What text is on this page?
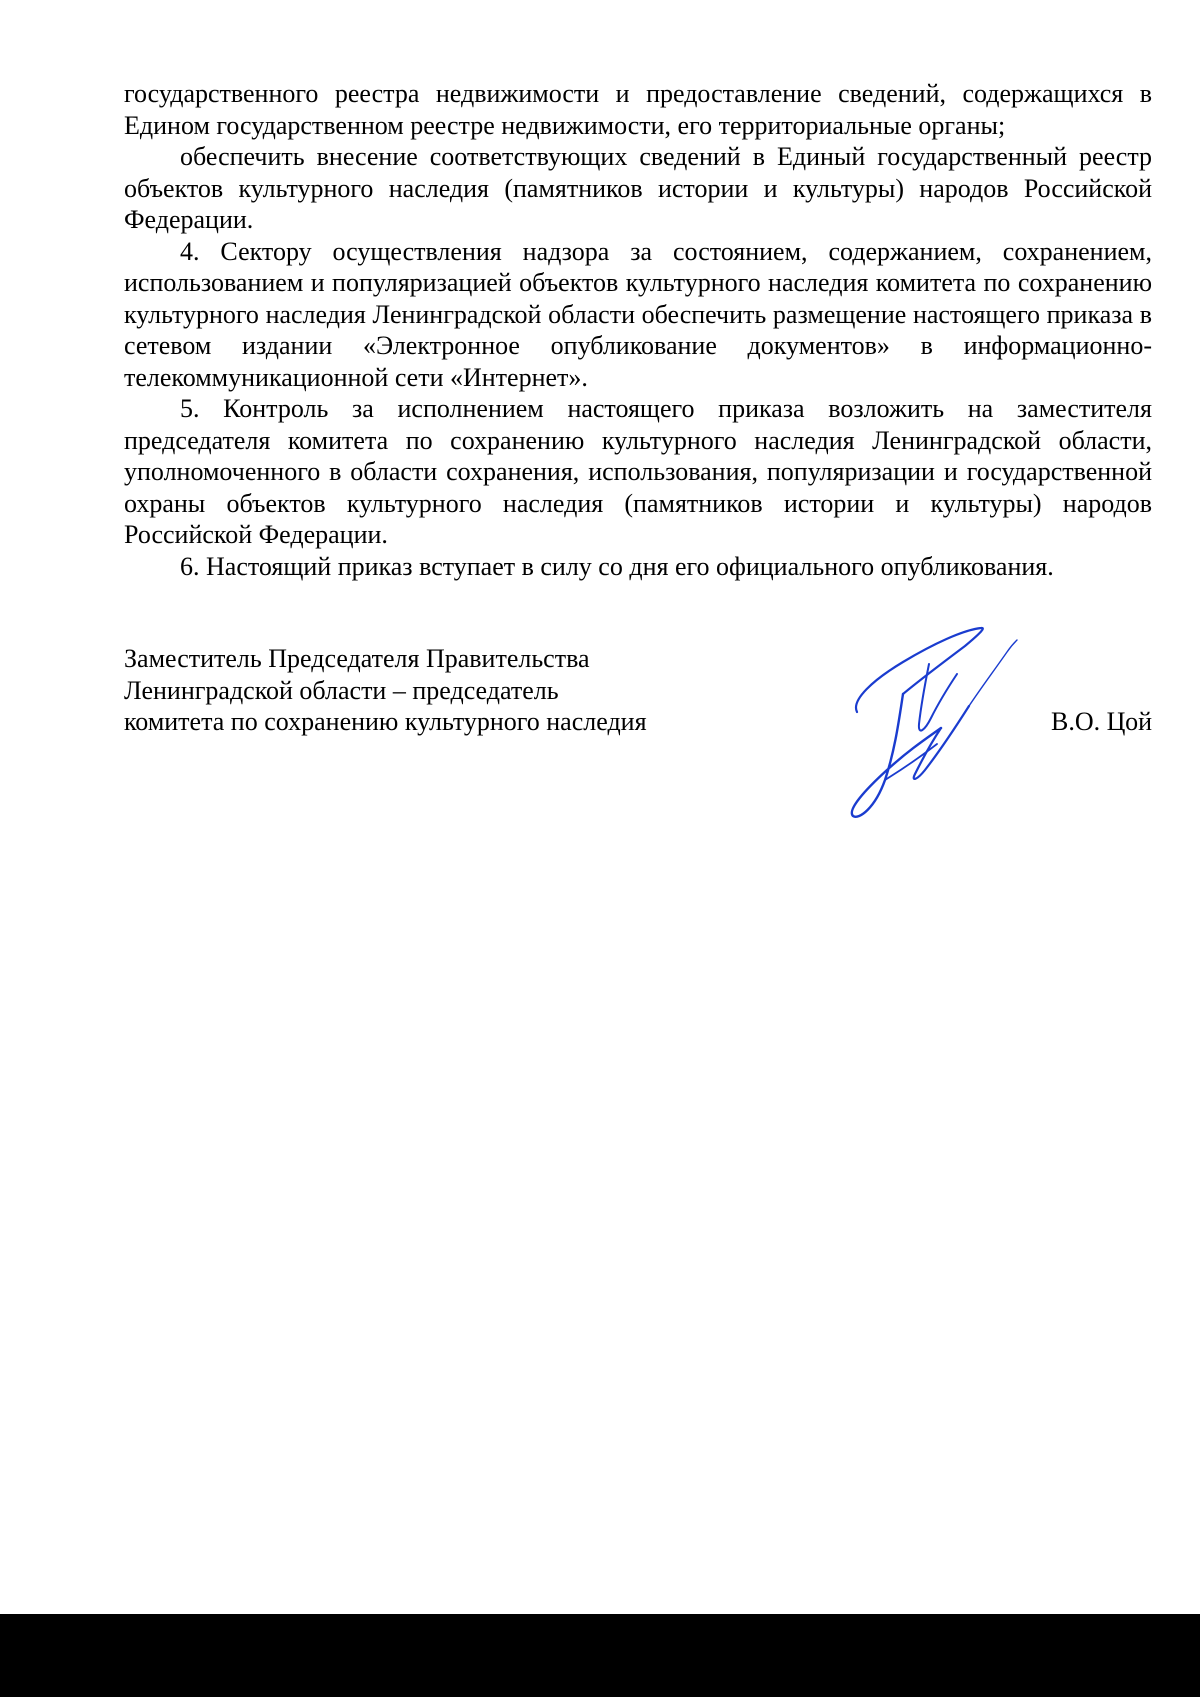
государственного реестра недвижимости и предоставление сведений, содержащихся в Едином государственном реестре недвижимости, его территориальные органы;

обеспечить внесение соответствующих сведений в Единый государственный реестр объектов культурного наследия (памятников истории и культуры) народов Российской Федерации.

4. Сектору осуществления надзора за состоянием, содержанием, сохранением, использованием и популяризацией объектов культурного наследия комитета по сохранению культурного наследия Ленинградской области обеспечить размещение настоящего приказа в сетевом издании «Электронное опубликование документов» в информационно-телекоммуникационной сети «Интернет».

5. Контроль за исполнением настоящего приказа возложить на заместителя председателя комитета по сохранению культурного наследия Ленинградской области, уполномоченного в области сохранения, использования, популяризации и государственной охраны объектов культурного наследия (памятников истории и культуры) народов Российской Федерации.

6. Настоящий приказ вступает в силу со дня его официального опубликования.

Заместитель Председателя Правительства
Ленинградской области – председатель
комитета по сохранению культурного наследия	В.О. Цой
